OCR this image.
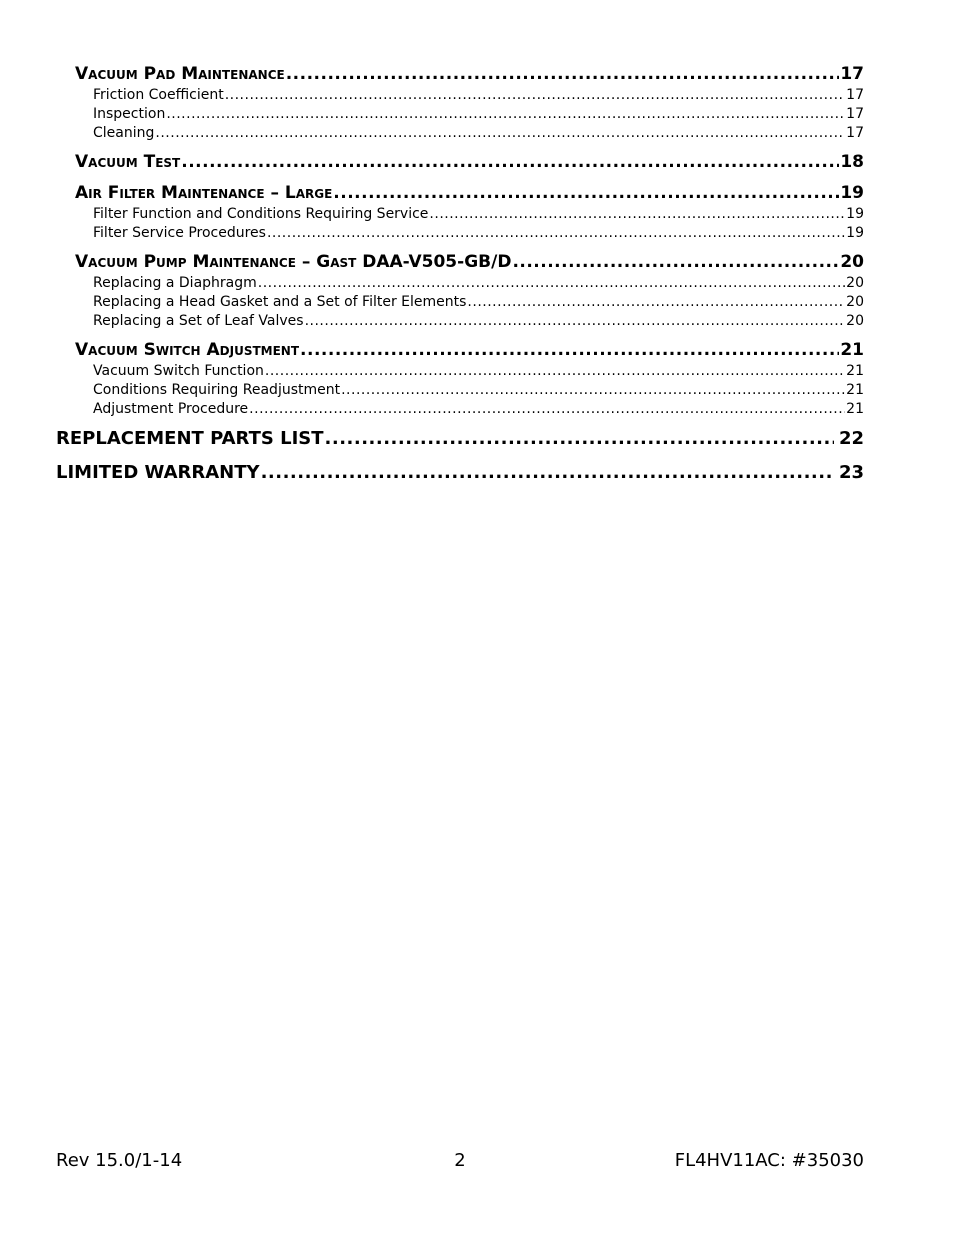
Vacuum Pad Maintenance .....	17
Friction Coefficient .....	17
Inspection .....	17
Cleaning .....	17
Vacuum Test .....	18
Air Filter Maintenance – Large .....	19
Filter Function and Conditions Requiring Service .....	19
Filter Service Procedures .....	19
Vacuum Pump Maintenance – Gast DAA-V505-GB/D .....	20
Replacing a Diaphragm .....	20
Replacing a Head Gasket and a Set of Filter Elements .....	20
Replacing a Set of Leaf Valves .....	20
Vacuum Switch Adjustment .....	21
Vacuum Switch Function .....	21
Conditions Requiring Readjustment .....	21
Adjustment Procedure .....	21
REPLACEMENT PARTS LIST .....	22
LIMITED WARRANTY .....	23
Rev 15.0/1-14	2	FL4HV11AC: #35030
